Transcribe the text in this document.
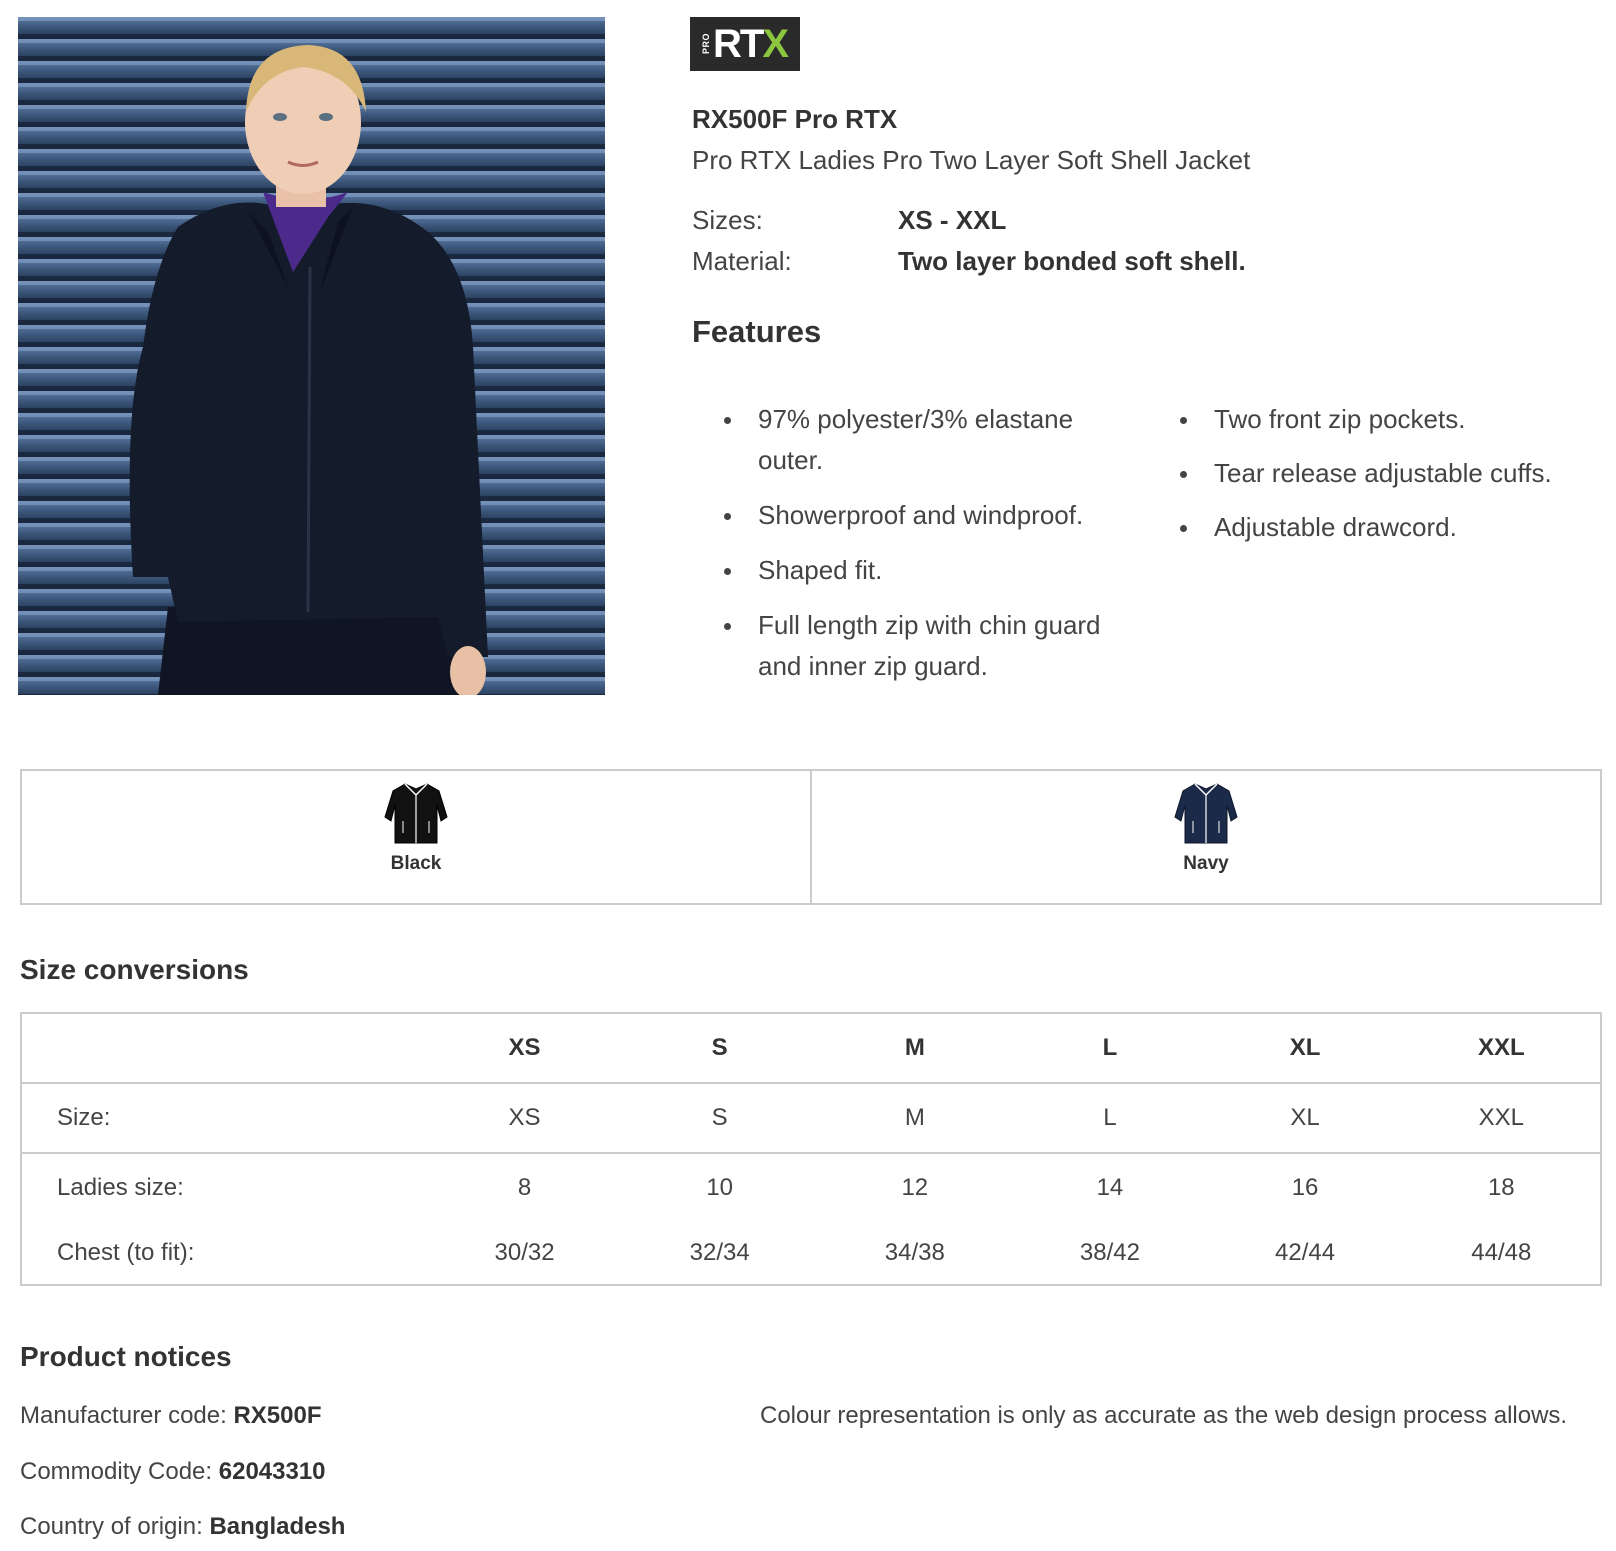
PRO RT X
RX500F Pro RTX
Pro RTX Ladies Pro Two Layer Soft Shell Jacket
Sizes:	XS - XXL
Material:	Two layer bonded soft shell.
Features
97% polyester/3% elastane outer.
Showerproof and windproof.
Shaped fit.
Full length zip with chin guard and inner zip guard.
Two front zip pockets.
Tear release adjustable cuffs.
Adjustable drawcord.
Black	Navy
Size conversions
	XS	S	M	L	XL	XXL
Size:	XS	S	M	L	XL	XXL
Ladies size:	8	10	12	14	16	18
Chest (to fit):	30/32	32/34	34/38	38/42	42/44	44/48
Product notices
Manufacturer code: RX500F
Commodity Code: 62043310
Country of origin: Bangladesh
Colour representation is only as accurate as the web design process allows.
